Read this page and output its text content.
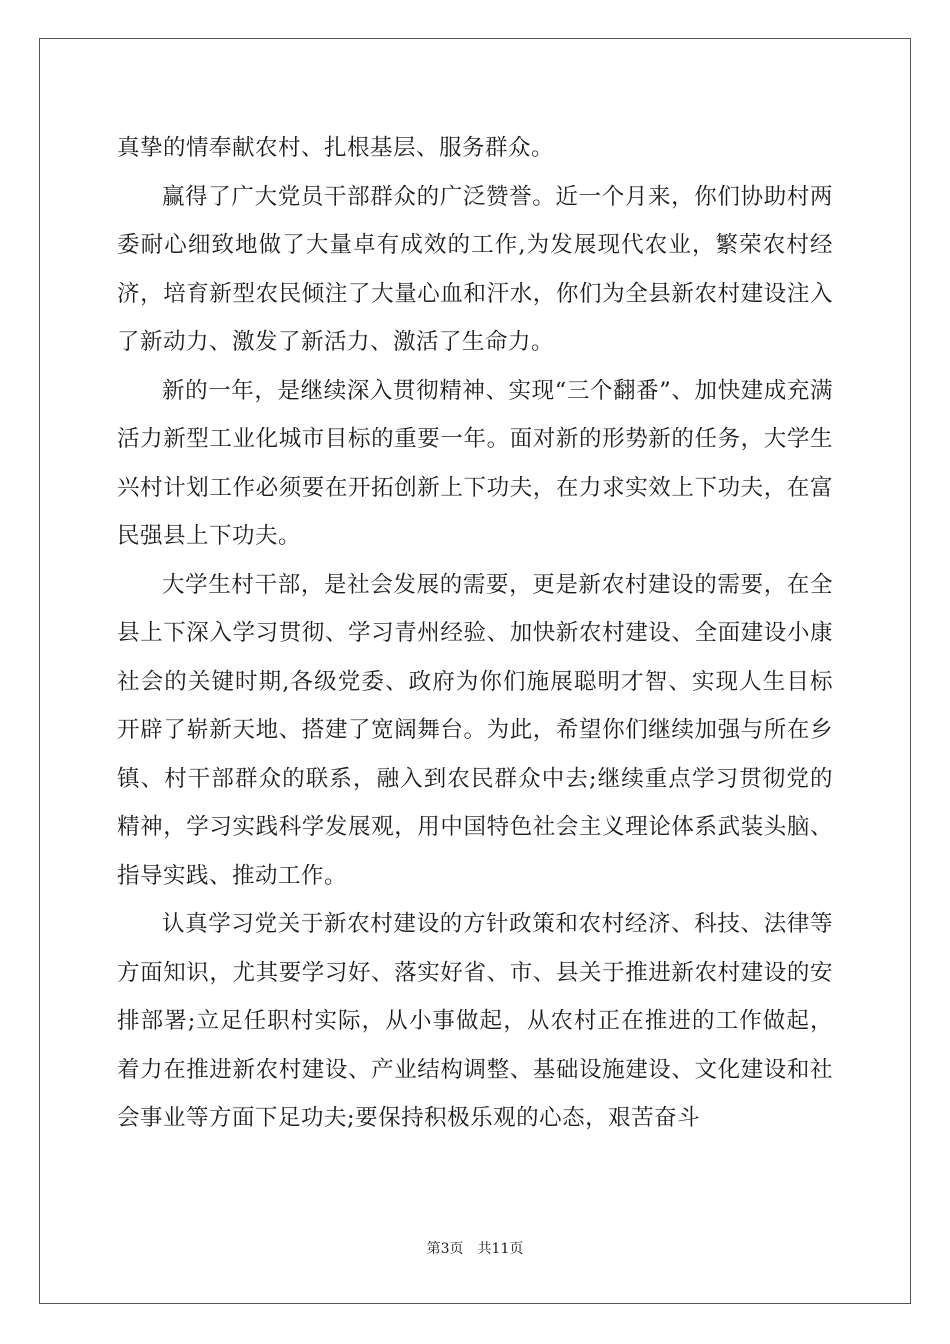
真挚的情奉献农村、扎根基层、服务群众。

赢得了广大党员干部群众的广泛赞誉。近一个月来，你们协助村两委耐心细致地做了大量卓有成效的工作,为发展现代农业，繁荣农村经济，培育新型农民倾注了大量心血和汗水，你们为全县新农村建设注入了新动力、激发了新活力、激活了生命力。

新的一年，是继续深入贯彻精神、实现“三个翻番”、加快建成充满活力新型工业化城市目标的重要一年。面对新的形势新的任务，大学生兴村计划工作必须要在开拓创新上下功夫，在力求实效上下功夫，在富民强县上下功夫。

大学生村干部，是社会发展的需要，更是新农村建设的需要，在全县上下深入学习贯彻、学习青州经验、加快新农村建设、全面建设小康社会的关键时期,各级党委、政府为你们施展聪明才智、实现人生目标开辟了崭新天地、搭建了宽阔舞台。为此，希望你们继续加强与所在乡镇、村干部群众的联系，融入到农民群众中去;继续重点学习贯彻党的精神，学习实践科学发展观，用中国特色社会主义理论体系武装头脑、指导实践、推动工作。

认真学习党关于新农村建设的方针政策和农村经济、科技、法律等方面知识，尤其要学习好、落实好省、市、县关于推进新农村建设的安排部署;立足任职村实际，从小事做起，从农村正在推进的工作做起，着力在推进新农村建设、产业结构调整、基础设施建设、文化建设和社会事业等方面下足功夫;要保持积极乐观的心态，艰苦奋斗

第3页 共11页
